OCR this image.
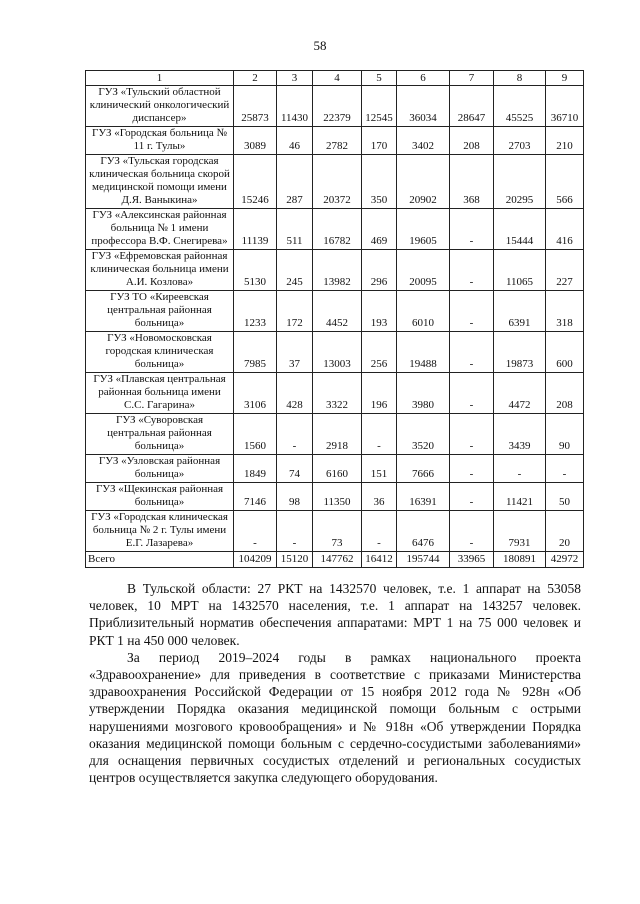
58
1	2	3	4	5	6	7	8	9
ГУЗ «Тульский областной клинический онкологический диспансер»	25873	11430	22379	12545	36034	28647	45525	36710
ГУЗ «Городская больница № 11 г. Тулы»	3089	46	2782	170	3402	208	2703	210
ГУЗ «Тульская городская клиническая больница скорой медицинской помощи имени Д.Я. Ваныкина»	15246	287	20372	350	20902	368	20295	566
ГУЗ «Алексинская районная больница № 1 имени профессора В.Ф. Снегирева»	11139	511	16782	469	19605	-	15444	416
ГУЗ «Ефремовская районная клиническая больница имени А.И. Козлова»	5130	245	13982	296	20095	-	11065	227
ГУЗ ТО «Киреевская центральная районная больница»	1233	172	4452	193	6010	-	6391	318
ГУЗ «Новомосковская городская клиническая больница»	7985	37	13003	256	19488	-	19873	600
ГУЗ «Плавская центральная районная больница имени С.С. Гагарина»	3106	428	3322	196	3980	-	4472	208
ГУЗ «Суворовская центральная районная больница»	1560	-	2918	-	3520	-	3439	90
ГУЗ «Узловская районная больница»	1849	74	6160	151	7666	-	-	-
ГУЗ «Щекинская районная больница»	7146	98	11350	36	16391	-	11421	50
ГУЗ «Городская клиническая больница № 2 г. Тулы имени Е.Г. Лазарева»	-	-	73	-	6476	-	7931	20
Всего	104209	15120	147762	16412	195744	33965	180891	42972

В Тульской области: 27 РКТ на 1432570 человек, т.е. 1 аппарат на 53058 человек, 10 МРТ на 1432570 населения, т.е. 1 аппарат на 143257 человек. Приблизительный норматив обеспечения аппаратами: МРТ 1 на 75 000 человек и РКТ 1 на 450 000 человек.

За период 2019–2024 годы в рамках национального проекта «Здравоохранение» для приведения в соответствие с приказами Министерства здравоохранения Российской Федерации от 15 ноября 2012 года № 928н «Об утверждении Порядка оказания медицинской помощи больным с острыми нарушениями мозгового кровообращения» и № 918н «Об утверждении Порядка оказания медицинской помощи больным с сердечно-сосудистыми заболеваниями» для оснащения первичных сосудистых отделений и региональных сосудистых центров осуществляется закупка следующего оборудования.
